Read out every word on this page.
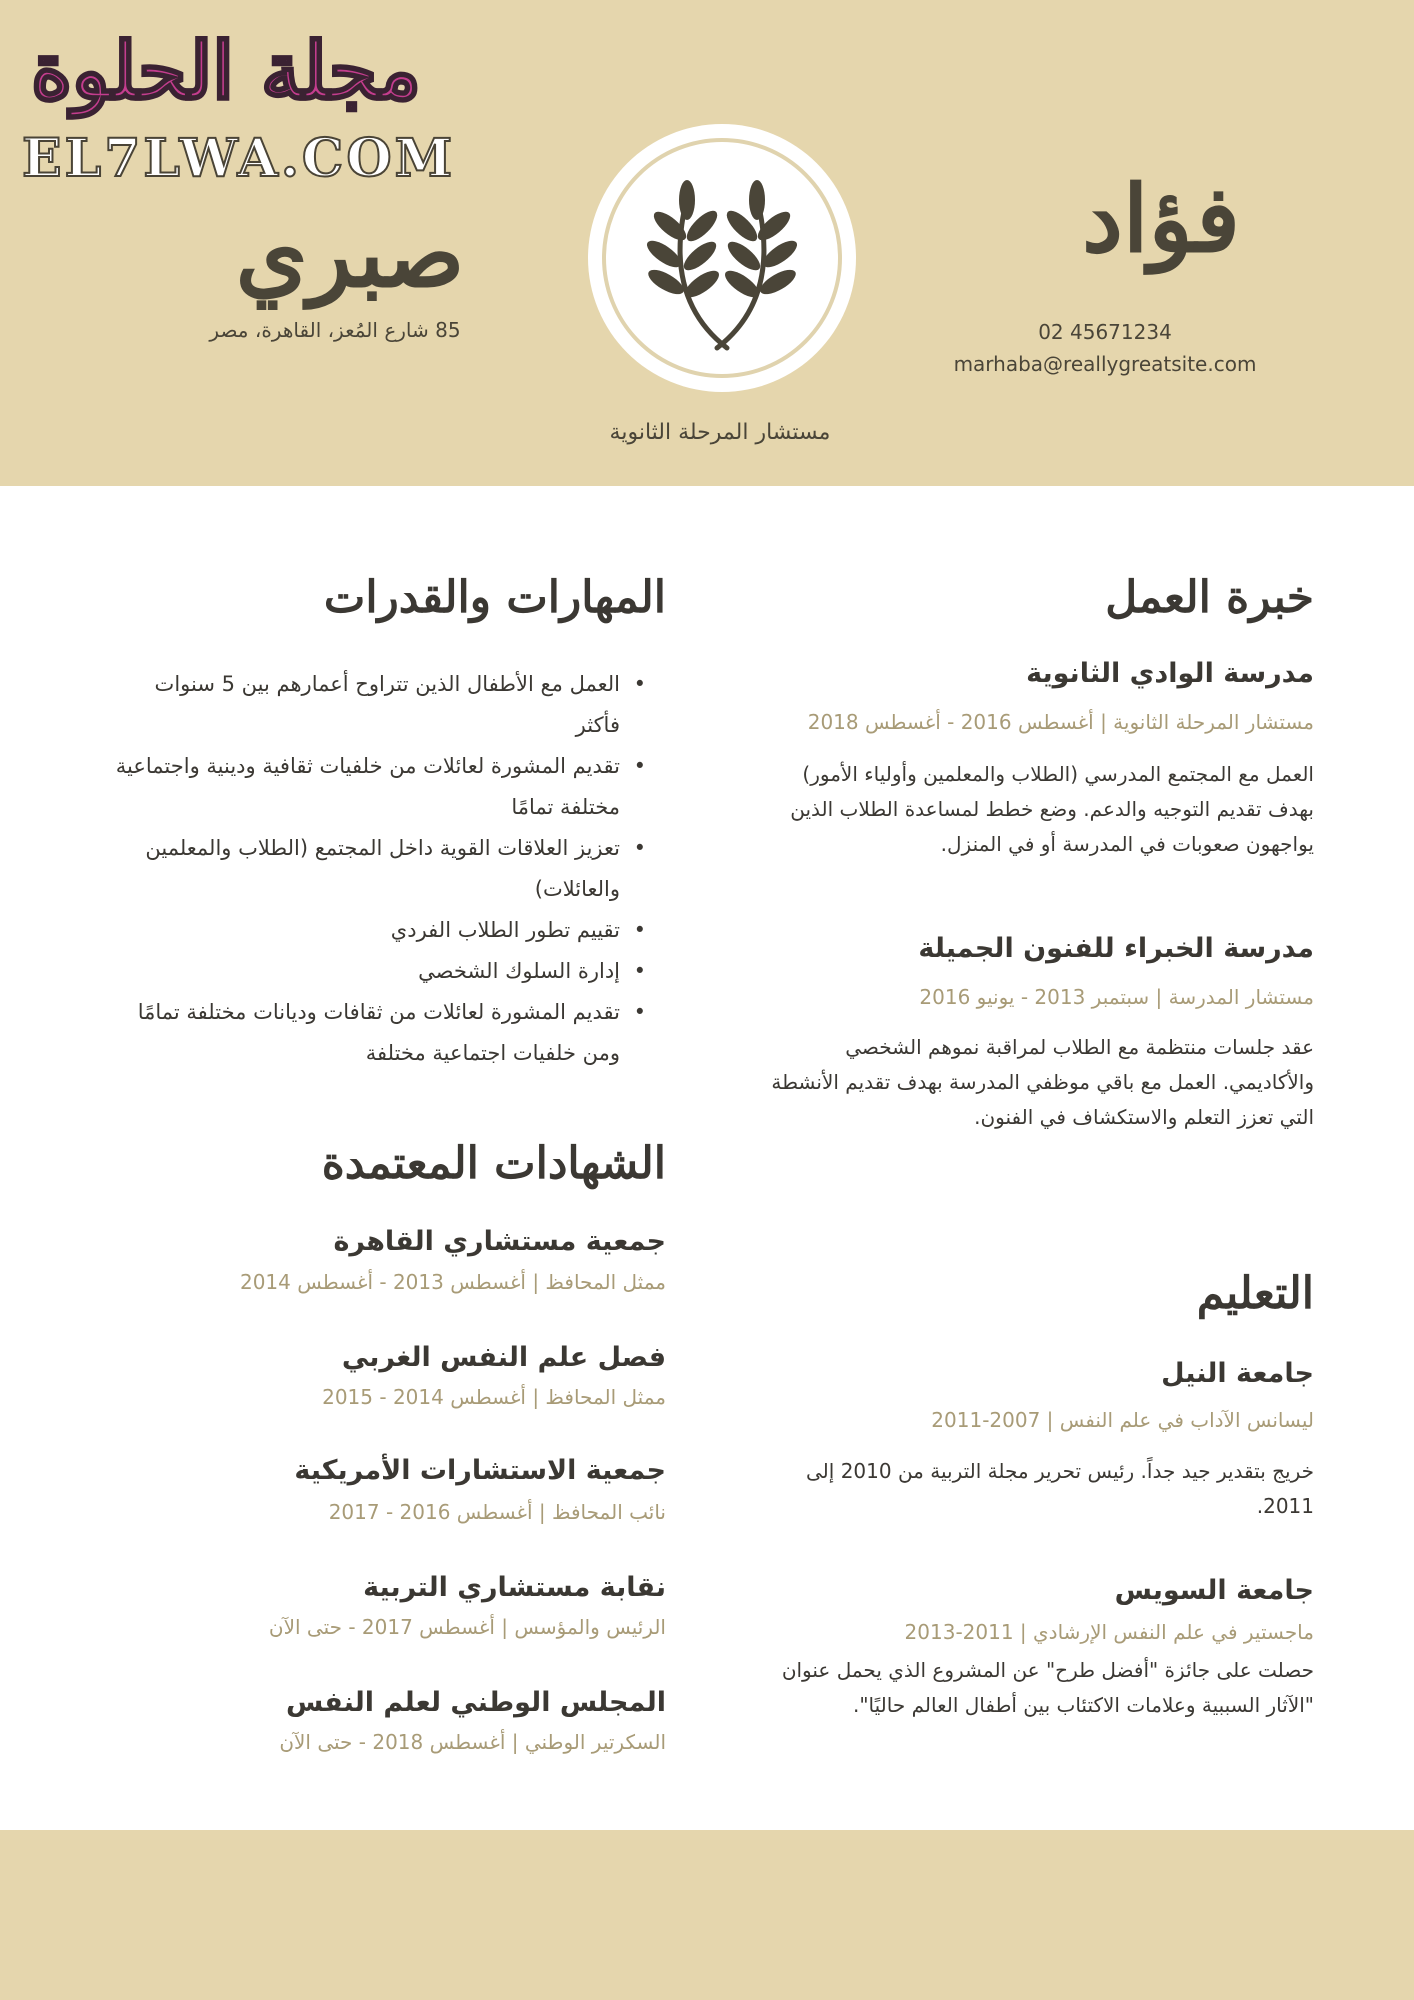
مجلة الحلوة
EL7LWA.COM
فؤاد
صبري
02 45671234
marhaba@reallygreatsite.com
85 شارع المُعز، القاهرة، مصر
مستشار المرحلة الثانوية
خبرة العمل
مدرسة الوادي الثانوية
مستشار المرحلة الثانوية | أغسطس 2016 - أغسطس 2018
العمل مع المجتمع المدرسي (الطلاب والمعلمين وأولياء الأمور) بهدف تقديم التوجيه والدعم. وضع خطط لمساعدة الطلاب الذين يواجهون صعوبات في المدرسة أو في المنزل.
مدرسة الخبراء للفنون الجميلة
مستشار المدرسة | سبتمبر 2013 - يونيو 2016
عقد جلسات منتظمة مع الطلاب لمراقبة نموهم الشخصي والأكاديمي. العمل مع باقي موظفي المدرسة بهدف تقديم الأنشطة التي تعزز التعلم والاستكشاف في الفنون.
التعليم
جامعة النيل
ليسانس الآداب في علم النفس | 2007-2011
خريج بتقدير جيد جداً. رئيس تحرير مجلة التربية من 2010 إلى 2011.
جامعة السويس
ماجستير في علم النفس الإرشادي | 2011-2013
حصلت على جائزة "أفضل طرح" عن المشروع الذي يحمل عنوان "الآثار السببية وعلامات الاكتئاب بين أطفال العالم حاليًا".
المهارات والقدرات
• العمل مع الأطفال الذين تتراوح أعمارهم بين 5 سنوات فأكثر
• تقديم المشورة لعائلات من خلفيات ثقافية ودينية واجتماعية مختلفة تمامًا
• تعزيز العلاقات القوية داخل المجتمع (الطلاب والمعلمين والعائلات)
• تقييم تطور الطلاب الفردي
• إدارة السلوك الشخصي
• تقديم المشورة لعائلات من ثقافات وديانات مختلفة تمامًا ومن خلفيات اجتماعية مختلفة
الشهادات المعتمدة
جمعية مستشاري القاهرة
ممثل المحافظ | أغسطس 2013 - أغسطس 2014
فصل علم النفس الغربي
ممثل المحافظ | أغسطس 2014 - 2015
جمعية الاستشارات الأمريكية
نائب المحافظ | أغسطس 2016 - 2017
نقابة مستشاري التربية
الرئيس والمؤسس | أغسطس 2017 - حتى الآن
المجلس الوطني لعلم النفس
السكرتير الوطني | أغسطس 2018 - حتى الآن
